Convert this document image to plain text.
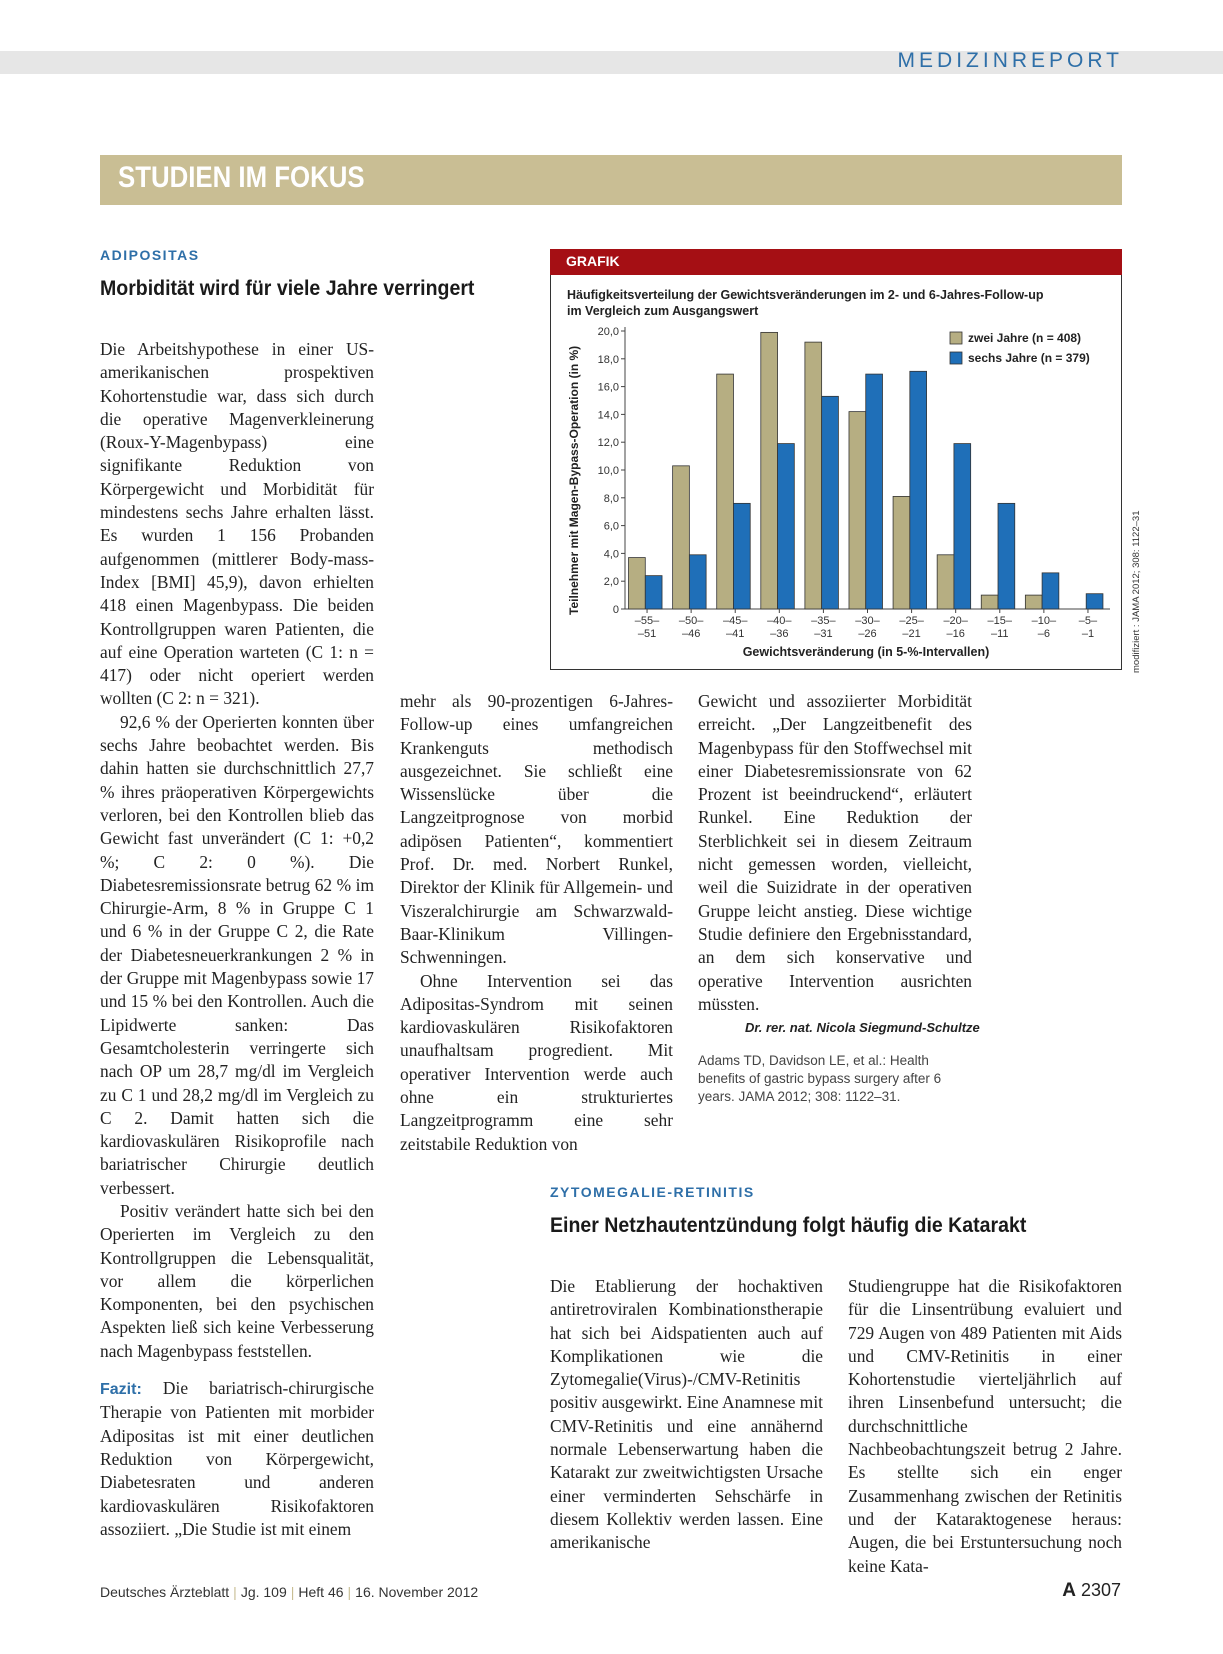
MEDIZINREPORT
STUDIEN IM FOKUS
ADIPOSITAS
Morbidität wird für viele Jahre verringert

Die Arbeitshypothese in einer US-amerikanischen prospektiven Kohortenstudie war, dass sich durch die operative Magenverkleinerung (Roux-Y-Magenbypass) eine signifikante Reduktion von Körpergewicht und Morbidität für mindestens sechs Jahre erhalten lässt. Es wurden 1 156 Probanden aufgenommen (mittlerer Body-mass-Index [BMI] 45,9), davon erhielten 418 einen Magenbypass. Die beiden Kontrollgruppen waren Patienten, die auf eine Operation warteten (C 1: n = 417) oder nicht operiert werden wollten (C 2: n = 321).

92,6 % der Operierten konnten über sechs Jahre beobachtet werden. Bis dahin hatten sie durchschnittlich 27,7 % ihres präoperativen Körpergewichts verloren, bei den Kontrollen blieb das Gewicht fast unverändert (C 1: +0,2 %; C 2: 0 %). Die Diabetesremissionsrate betrug 62 % im Chirurgie-Arm, 8 % in Gruppe C 1 und 6 % in der Gruppe C 2, die Rate der Diabetesneuerkrankungen 2 % in der Gruppe mit Magenbypass sowie 17 und 15 % bei den Kontrollen. Auch die Lipidwerte sanken: Das Gesamtcholesterin verringerte sich nach OP um 28,7 mg/dl im Vergleich zu C 1 und 28,2 mg/dl im Vergleich zu C 2. Damit hatten sich die kardiovaskulären Risikoprofile nach bariatrischer Chirurgie deutlich verbessert.

Positiv verändert hatte sich bei den Operierten im Vergleich zu den Kontrollgruppen die Lebensqualität, vor allem die körperlichen Komponenten, bei den psychischen Aspekten ließ sich keine Verbesserung nach Magenbypass feststellen.

Fazit: Die bariatrisch-chirurgische Therapie von Patienten mit morbider Adipositas ist mit einer deutlichen Reduktion von Körpergewicht, Diabetesraten und anderen kardiovaskulären Risikofaktoren assoziiert. „Die Studie ist mit einem

mehr als 90-prozentigen 6-Jahres-Follow-up eines umfangreichen Krankenguts methodisch ausgezeichnet. Sie schließt eine Wissenslücke über die Langzeitprognose von morbid adipösen Patienten“, kommentiert Prof. Dr. med. Norbert Runkel, Direktor der Klinik für Allgemein- und Viszeralchirurgie am Schwarzwald-Baar-Klinikum Villingen-Schwenningen.

Ohne Intervention sei das Adipositas-Syndrom mit seinen kardiovaskulären Risikofaktoren unaufhaltsam progredient. Mit operativer Intervention werde auch ohne ein strukturiertes Langzeitprogramm eine sehr zeitstabile Reduktion von

Gewicht und assoziierter Morbidität erreicht. „Der Langzeitbenefit des Magenbypass für den Stoffwechsel mit einer Diabetesremissionsrate von 62 Prozent ist beeindruckend“, erläutert Runkel. Eine Reduktion der Sterblichkeit sei in diesem Zeitraum nicht gemessen worden, vielleicht, weil die Suizidrate in der operativen Gruppe leicht anstieg. Diese wichtige Studie definiere den Ergebnisstandard, an dem sich konservative und operative Intervention ausrichten müssten.

Dr. rer. nat. Nicola Siegmund-Schultze
Adams TD, Davidson LE, et al.: Health benefits of gastric bypass surgery after 6 years. JAMA 2012; 308: 1122–31.
GRAFIK
Häufigkeitsverteilung der Gewichtsveränderungen im 2- und 6-Jahres-Follow-up
im Vergleich zum Ausgangswert
Teilnehmer mit Magen-Bypass-Operation (in %)
Gewichtsveränderung (in 5-%-Intervallen)
0
2,0
4,0
6,0
8,0
10,0
12,0
14,0
16,0
18,0
20,0
–55–
–51
–50–
–46
–45–
–41
–40–
–36
–35–
–31
–30–
–26
–25–
–21
–20–
–16
–15–
–11
–10–
–6
–5–
–1
zwei Jahre (n = 408)
sechs Jahre (n = 379)
modifiziert : JAMA 2012; 308: 1122–31
ZYTOMEGALIE-RETINITIS
Einer Netzhautentzündung folgt häufig die Katarakt

Die Etablierung der hochaktiven antiretroviralen Kombinationstherapie hat sich bei Aidspatienten auch auf Komplikationen wie die Zytomegalie(Virus)-/CMV-Retinitis positiv ausgewirkt. Eine Anamnese mit CMV-Retinitis und eine annähernd normale Lebenserwartung haben die Katarakt zur zweitwichtigsten Ursache einer verminderten Sehschärfe in diesem Kollektiv werden lassen. Eine amerikanische

Studiengruppe hat die Risikofaktoren für die Linsentrübung evaluiert und 729 Augen von 489 Patienten mit Aids und CMV-Retinitis in einer Kohortenstudie vierteljährlich auf ihren Linsenbefund untersucht; die durchschnittliche Nachbeobachtungszeit betrug 2 Jahre. Es stellte sich ein enger Zusammenhang zwischen der Retinitis und der Kataraktogenese heraus: Augen, die bei Erstuntersuchung noch keine Kata-

Deutsches Ärzteblatt | Jg. 109 | Heft 46 | 16. November 2012	A 2307
